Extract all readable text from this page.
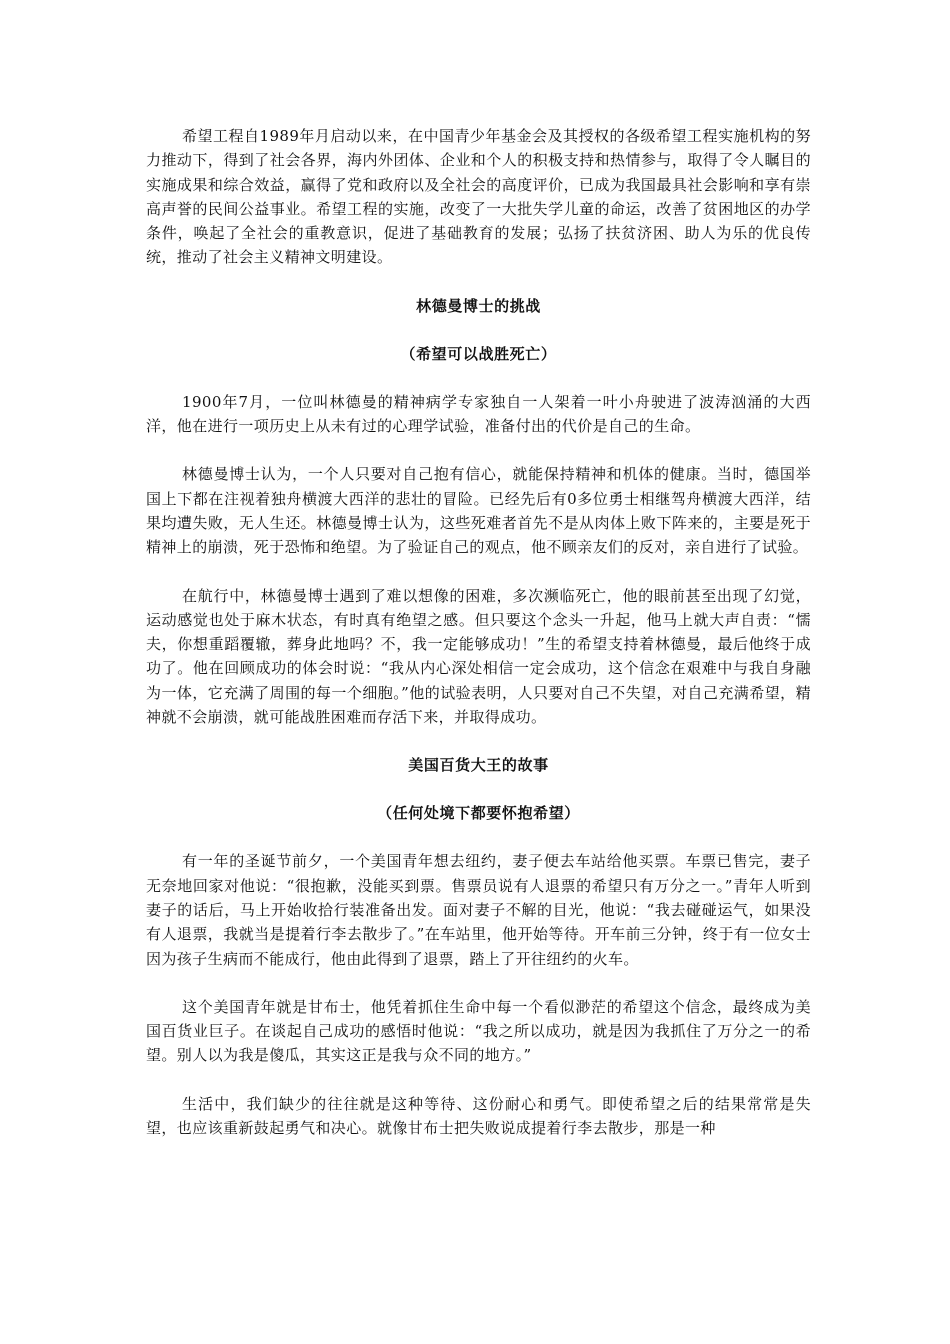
希望工程自1989年月启动以来，在中国青少年基金会及其授权的各级希望工程实施机构的努力推动下，得到了社会各界，海内外团体、企业和个人的积极支持和热情参与，取得了令人瞩目的实施成果和综合效益，赢得了党和政府以及全社会的高度评价，已成为我国最具社会影响和享有崇高声誉的民间公益事业。希望工程的实施，改变了一大批失学儿童的命运，改善了贫困地区的办学条件，唤起了全社会的重教意识，促进了基础教育的发展；弘扬了扶贫济困、助人为乐的优良传统，推动了社会主义精神文明建设。

林德曼博士的挑战

（希望可以战胜死亡）

1900年7月，一位叫林德曼的精神病学专家独自一人架着一叶小舟驶进了波涛汹涌的大西洋，他在进行一项历史上从未有过的心理学试验，准备付出的代价是自己的生命。

林德曼博士认为，一个人只要对自己抱有信心，就能保持精神和机体的健康。当时，德国举国上下都在注视着独舟横渡大西洋的悲壮的冒险。已经先后有0多位勇士相继驾舟横渡大西洋，结果均遭失败，无人生还。林德曼博士认为，这些死难者首先不是从肉体上败下阵来的，主要是死于精神上的崩溃，死于恐怖和绝望。为了验证自己的观点，他不顾亲友们的反对，亲自进行了试验。

在航行中，林德曼博士遇到了难以想像的困难，多次濒临死亡，他的眼前甚至出现了幻觉，运动感觉也处于麻木状态，有时真有绝望之感。但只要这个念头一升起，他马上就大声自责：“懦夫，你想重蹈覆辙，葬身此地吗？不，我一定能够成功！”生的希望支持着林德曼，最后他终于成功了。他在回顾成功的体会时说：“我从内心深处相信一定会成功，这个信念在艰难中与我自身融为一体，它充满了周围的每一个细胞。”他的试验表明，人只要对自己不失望，对自己充满希望，精神就不会崩溃，就可能战胜困难而存活下来，并取得成功。

美国百货大王的故事

（任何处境下都要怀抱希望）

有一年的圣诞节前夕，一个美国青年想去纽约，妻子便去车站给他买票。车票已售完，妻子无奈地回家对他说：“很抱歉，没能买到票。售票员说有人退票的希望只有万分之一。”青年人听到妻子的话后，马上开始收拾行装准备出发。面对妻子不解的目光，他说：“我去碰碰运气，如果没有人退票，我就当是提着行李去散步了。”在车站里，他开始等待。开车前三分钟，终于有一位女士因为孩子生病而不能成行，他由此得到了退票，踏上了开往纽约的火车。

这个美国青年就是甘布士，他凭着抓住生命中每一个看似渺茫的希望这个信念，最终成为美国百货业巨子。在谈起自己成功的感悟时他说：“我之所以成功，就是因为我抓住了万分之一的希望。别人以为我是傻瓜，其实这正是我与众不同的地方。”

生活中，我们缺少的往往就是这种等待、这份耐心和勇气。即使希望之后的结果常常是失望，也应该重新鼓起勇气和决心。就像甘布士把失败说成提着行李去散步，那是一种
